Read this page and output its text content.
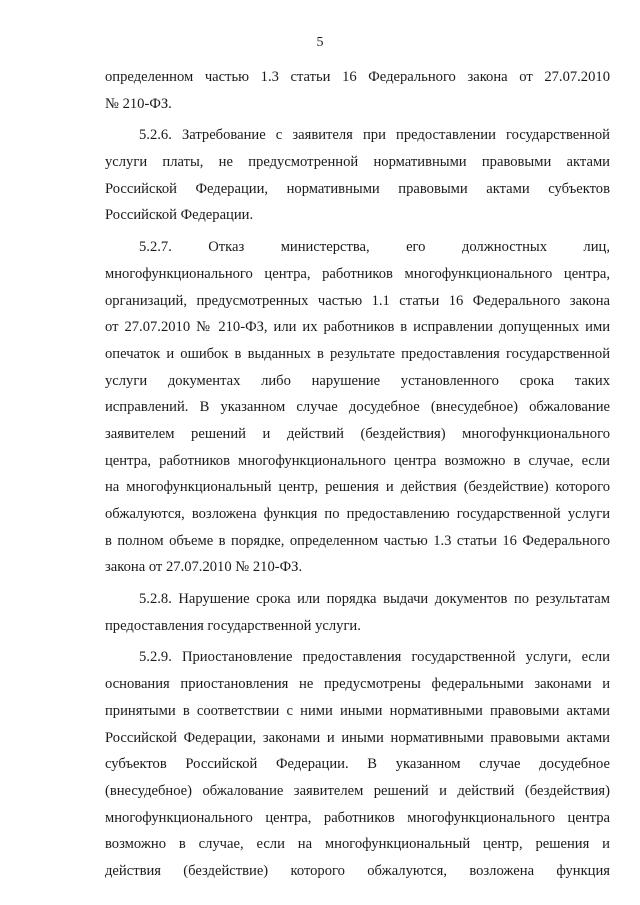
5
определенном частью 1.3 статьи 16 Федерального закона от 27.07.2010
№ 210-ФЗ.
5.2.6. Затребование с заявителя при предоставлении государственной
услуги платы, не предусмотренной нормативными правовыми актами
Российской Федерации, нормативными правовыми актами субъектов
Российской Федерации.
5.2.7. Отказ министерства, его должностных лиц,
многофункционального центра, работников многофункционального центра,
организаций, предусмотренных частью 1.1 статьи 16 Федерального закона
от 27.07.2010 № 210-ФЗ, или их работников в исправлении допущенных ими
опечаток и ошибок в выданных в результате предоставления государственной
услуги документах либо нарушение установленного срока таких
исправлений. В указанном случае досудебное (внесудебное) обжалование
заявителем решений и действий (бездействия) многофункционального
центра, работников многофункционального центра возможно в случае, если
на многофункциональный центр, решения и действия (бездействие) которого
обжалуются, возложена функция по предоставлению государственной услуги
в полном объеме в порядке, определенном частью 1.3 статьи 16 Федерального
закона от 27.07.2010 № 210-ФЗ.
5.2.8. Нарушение срока или порядка выдачи документов по результатам
предоставления государственной услуги.
5.2.9. Приостановление предоставления государственной услуги, если
основания приостановления не предусмотрены федеральными законами и
принятыми в соответствии с ними иными нормативными правовыми актами
Российской Федерации, законами и иными нормативными правовыми актами
субъектов Российской Федерации. В указанном случае досудебное
(внесудебное) обжалование заявителем решений и действий (бездействия)
многофункционального центра, работников многофункционального центра
возможно в случае, если на многофункциональный центр, решения и
действия (бездействие) которого обжалуются, возложена функция
